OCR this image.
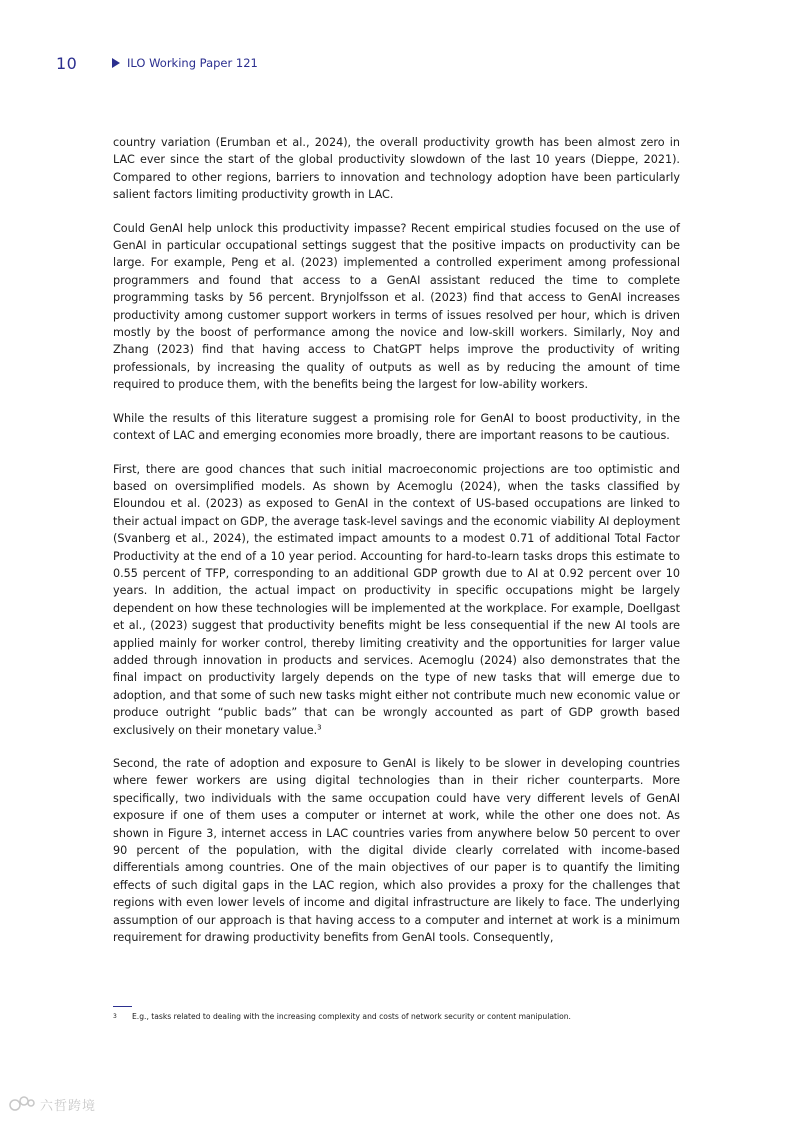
10	ILO Working Paper 121

country variation (Erumban et al., 2024), the overall productivity growth has been almost zero in LAC ever since the start of the global productivity slowdown of the last 10 years (Dieppe, 2021). Compared to other regions, barriers to innovation and technology adoption have been particularly salient factors limiting productivity growth in LAC.

Could GenAI help unlock this productivity impasse? Recent empirical studies focused on the use of GenAI in particular occupational settings suggest that the positive impacts on productivity can be large. For example, Peng et al. (2023) implemented a controlled experiment among professional programmers and found that access to a GenAI assistant reduced the time to complete programming tasks by 56 percent. Brynjolfsson et al. (2023) find that access to GenAI increases productivity among customer support workers in terms of issues resolved per hour, which is driven mostly by the boost of performance among the novice and low-skill workers. Similarly, Noy and Zhang (2023) find that having access to ChatGPT helps improve the productivity of writing professionals, by increasing the quality of outputs as well as by reducing the amount of time required to produce them, with the benefits being the largest for low-ability workers.

While the results of this literature suggest a promising role for GenAI to boost productivity, in the context of LAC and emerging economies more broadly, there are important reasons to be cautious.

First, there are good chances that such initial macroeconomic projections are too optimistic and based on oversimplified models. As shown by Acemoglu (2024), when the tasks classified by Eloundou et al. (2023) as exposed to GenAI in the context of US-based occupations are linked to their actual impact on GDP, the average task-level savings and the economic viability AI deployment (Svanberg et al., 2024), the estimated impact amounts to a modest 0.71 of additional Total Factor Productivity at the end of a 10 year period. Accounting for hard-to-learn tasks drops this estimate to 0.55 percent of TFP, corresponding to an additional GDP growth due to AI at 0.92 percent over 10 years. In addition, the actual impact on productivity in specific occupations might be largely dependent on how these technologies will be implemented at the workplace. For example, Doellgast et al., (2023) suggest that productivity benefits might be less consequential if the new AI tools are applied mainly for worker control, thereby limiting creativity and the opportunities for larger value added through innovation in products and services. Acemoglu (2024) also demonstrates that the final impact on productivity largely depends on the type of new tasks that will emerge due to adoption, and that some of such new tasks might either not contribute much new economic value or produce outright “public bads” that can be wrongly accounted as part of GDP growth based exclusively on their monetary value.$^3$

Second, the rate of adoption and exposure to GenAI is likely to be slower in developing countries where fewer workers are using digital technologies than in their richer counterparts. More specifically, two individuals with the same occupation could have very different levels of GenAI exposure if one of them uses a computer or internet at work, while the other one does not. As shown in Figure 3, internet access in LAC countries varies from anywhere below 50 percent to over 90 percent of the population, with the digital divide clearly correlated with income-based differentials among countries. One of the main objectives of our paper is to quantify the limiting effects of such digital gaps in the LAC region, which also provides a proxy for the challenges that regions with even lower levels of income and digital infrastructure are likely to face. The underlying assumption of our approach is that having access to a computer and internet at work is a minimum requirement for drawing productivity benefits from GenAI tools. Consequently,

3	E.g., tasks related to dealing with the increasing complexity and costs of network security or content manipulation.
六哲跨境
